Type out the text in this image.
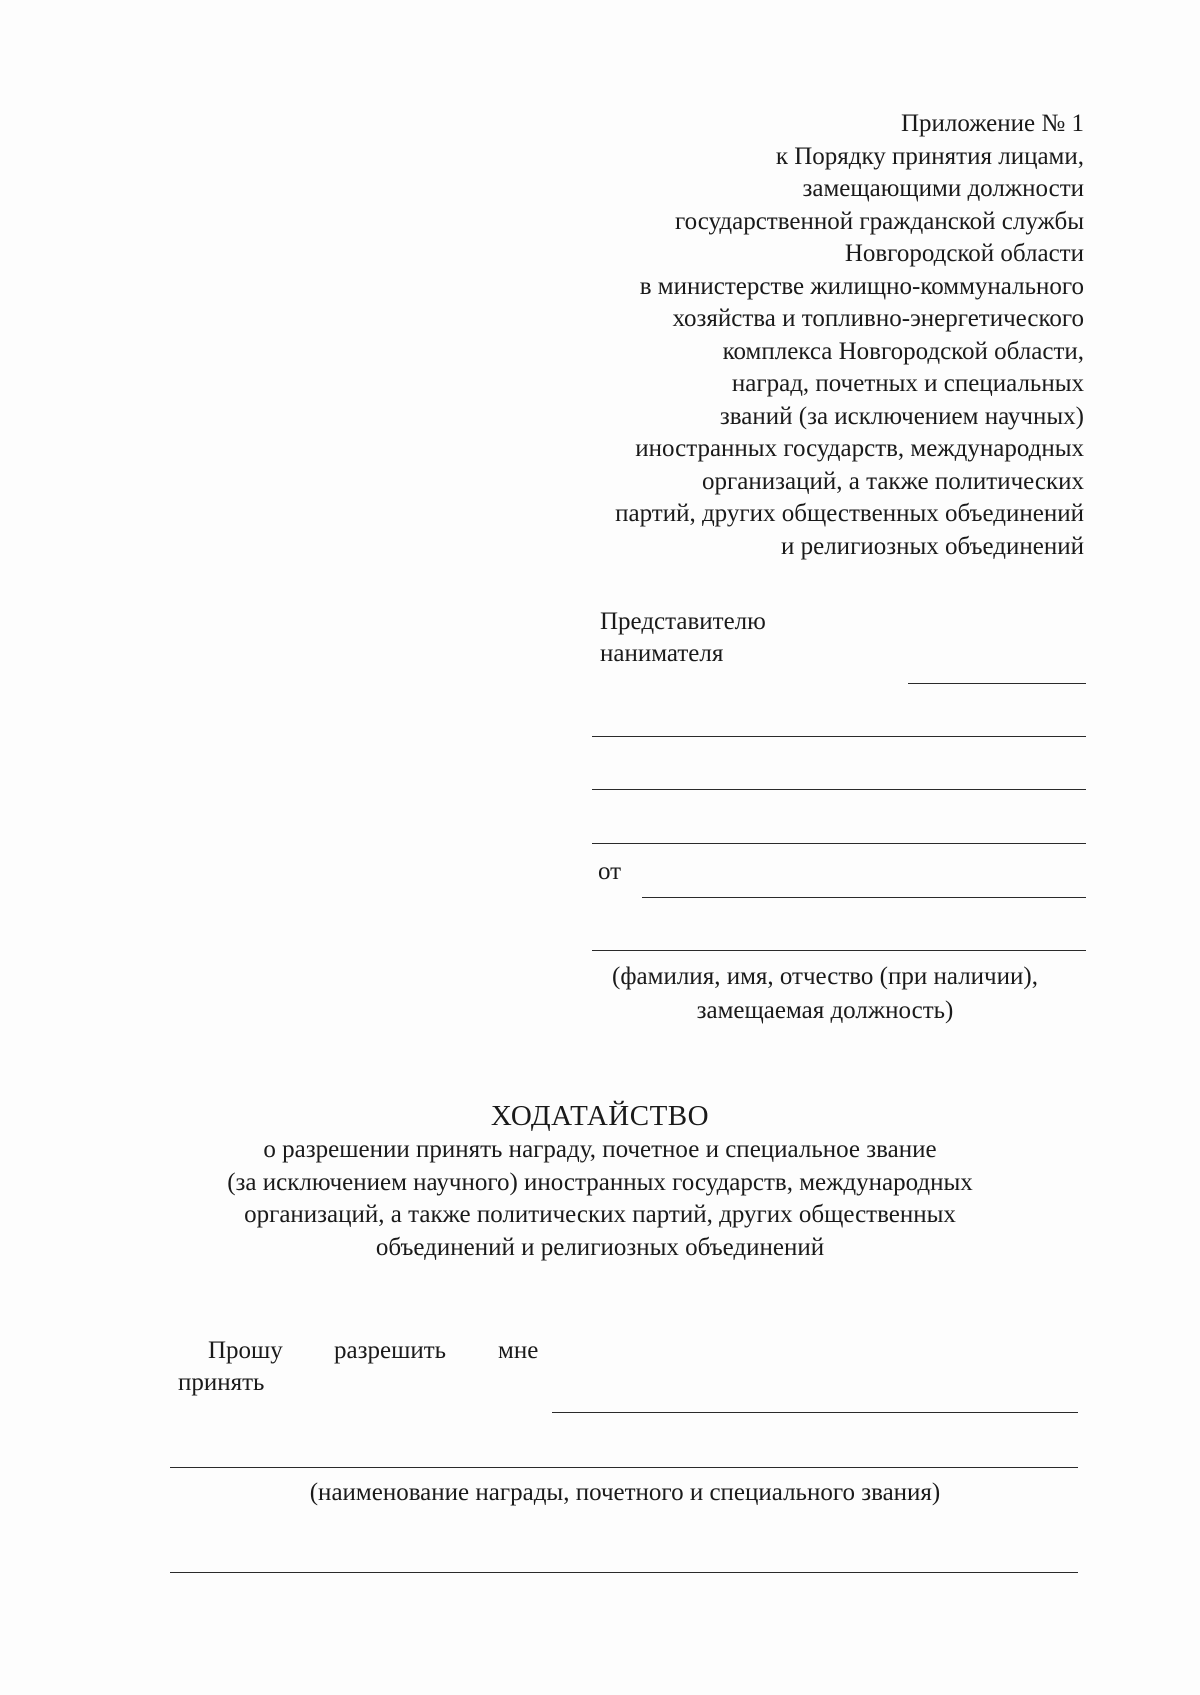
Приложение № 1
к Порядку принятия лицами,
замещающими должности
государственной гражданской службы
Новгородской области
в министерстве жилищно-коммунального
хозяйства и топливно-энергетического
комплекса Новгородской области,
наград, почетных и специальных
званий (за исключением научных)
иностранных государств, международных
организаций, а также политических
партий, других общественных объединений
и религиозных объединений
Представителю
нанимателя
от
(фамилия, имя, отчество (при наличии),
замещаемая должность)
ХОДАТАЙСТВО
о разрешении принять награду, почетное и специальное звание
(за исключением научного) иностранных государств, международных
организаций, а также политических партий, других общественных
объединений и религиозных объединений
Прошу разрешить мне
принять
(наименование награды, почетного и специального звания)
